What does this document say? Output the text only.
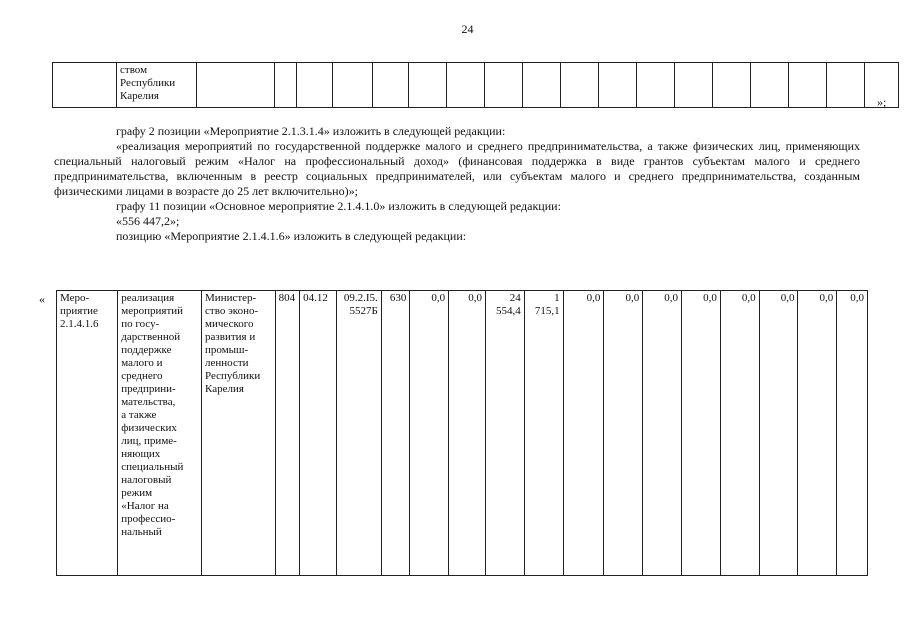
24
	ством
Республики
Карелия																			»;

графу 2 позиции «Мероприятие 2.1.3.1.4» изложить в следующей редакции:

«реализация мероприятий по государственной поддержке малого и среднего предпринимательства, а также физических лиц, применяющих специальный налоговый режим «Налог на профессиональный доход» (финансовая поддержка в виде грантов субъектам малого и среднего предпринимательства, включенным в реестр социальных предпринимателей, или субъектам малого и среднего предпринимательства, созданным физическими лицами в возрасте до 25 лет включительно)»;

графу 11 позиции «Основное мероприятие 2.1.4.1.0» изложить в следующей редакции:

«556 447,2»;

позицию «Мероприятие 2.1.4.1.6» изложить в следующей редакции:

« Меро-
приятие
2.1.4.1.6	реализация
мероприятий
по госу-
дарственной
поддержке
малого и
среднего
предприни-
мательства,
а также
физических
лиц, приме-
няющих
специальный
налоговый
режим
«Налог на
профессио-
нальный	Министер-
ство эконо-
мического
развития и
промыш-
ленности
Республики
Карелия	804	04.12	09.2.I5.
5527Б	630	0,0	0,0	24
554,4	1
715,1	0,0	0,0	0,0	0,0	0,0	0,0	0,0	0,0
